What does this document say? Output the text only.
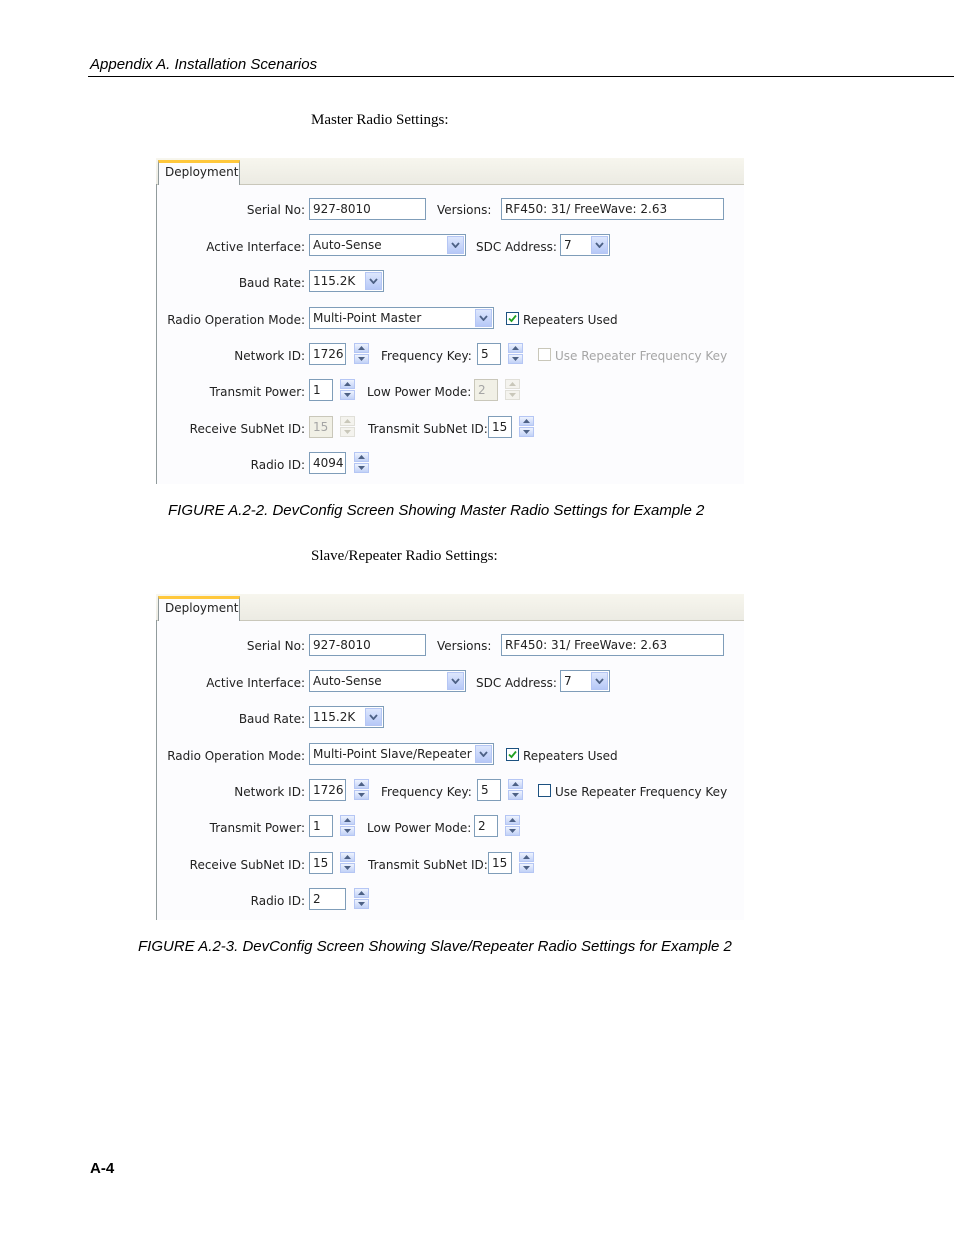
Appendix A. Installation Scenarios
Master Radio Settings:
Deployment
Serial No: 927-8010	Versions:	RF450: 31/ FreeWave: 2.63
Active Interface: Auto-Sense	SDC Address: 7
Baud Rate: 115.2K
Radio Operation Mode: Multi-Point Master	Repeaters Used
Network ID: 1726	Frequency Key: 5	Use Repeater Frequency Key
Transmit Power: 1	Low Power Mode: 2
Receive SubNet ID: 15	Transmit SubNet ID: 15
Radio ID: 4094
FIGURE A.2-2. DevConfig Screen Showing Master Radio Settings for Example 2
Slave/Repeater Radio Settings:
Deployment
Serial No: 927-8010	Versions:	RF450: 31/ FreeWave: 2.63
Active Interface: Auto-Sense	SDC Address: 7
Baud Rate: 115.2K
Radio Operation Mode: Multi-Point Slave/Repeater	Repeaters Used
Network ID: 1726	Frequency Key: 5	Use Repeater Frequency Key
Transmit Power: 1	Low Power Mode: 2
Receive SubNet ID: 15	Transmit SubNet ID: 15
Radio ID: 2
FIGURE A.2-3. DevConfig Screen Showing Slave/Repeater Radio Settings for Example 2
A-4
